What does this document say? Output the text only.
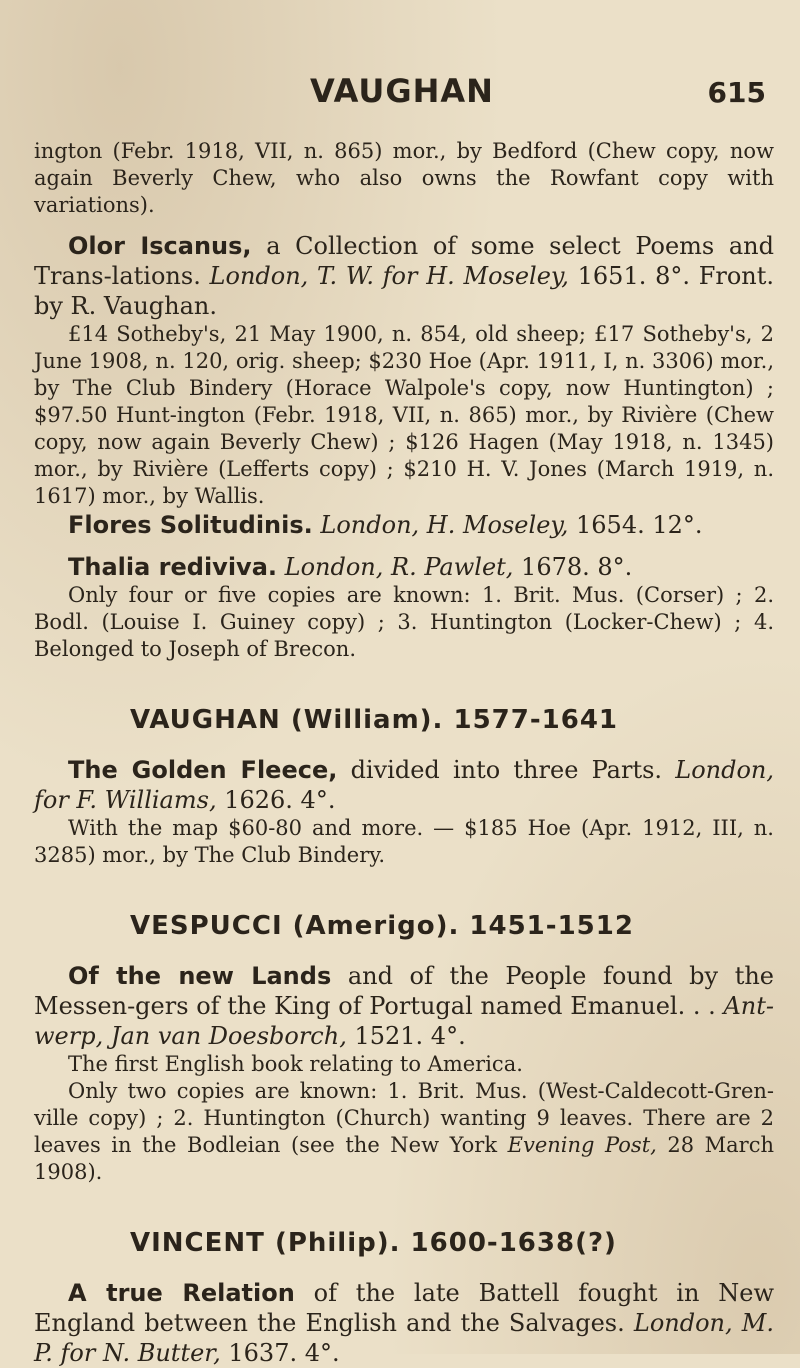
VAUGHAN	615

ington (Febr. 1918, VII, n. 865) mor., by Bedford (Chew copy, now again Beverly Chew, who also owns the Rowfant copy with variations).

Olor Iscanus, a Collection of some select Poems and Trans-lations. London, T. W. for H. Moseley, 1651. 8°. Front. by R. Vaughan.

£14 Sotheby's, 21 May 1900, n. 854, old sheep; £17 Sotheby's, 2 June 1908, n. 120, orig. sheep; $230 Hoe (Apr. 1911, I, n. 3306) mor., by The Club Bindery (Horace Walpole's copy, now Huntington) ; $97.50 Hunt-ington (Febr. 1918, VII, n. 865) mor., by Rivière (Chew copy, now again Beverly Chew) ; $126 Hagen (May 1918, n. 1345) mor., by Rivière (Lefferts copy) ; $210 H. V. Jones (March 1919, n. 1617) mor., by Wallis.

Flores Solitudinis. London, H. Moseley, 1654. 12°.

Thalia rediviva. London, R. Pawlet, 1678. 8°.

Only four or five copies are known: 1. Brit. Mus. (Corser) ; 2. Bodl. (Louise I. Guiney copy) ; 3. Huntington (Locker-Chew) ; 4. Belonged to Joseph of Brecon.

VAUGHAN (William). 1577-1641

The Golden Fleece, divided into three Parts. London, for F. Williams, 1626. 4°.

With the map $60-80 and more. — $185 Hoe (Apr. 1912, III, n. 3285) mor., by The Club Bindery.

VESPUCCI (Amerigo). 1451-1512

Of the new Lands and of the People found by the Messen-gers of the King of Portugal named Emanuel. . . Ant-werp, Jan van Doesborch, 1521. 4°.

The first English book relating to America.

Only two copies are known: 1. Brit. Mus. (West-Caldecott-Gren-ville copy) ; 2. Huntington (Church) wanting 9 leaves. There are 2 leaves in the Bodleian (see the New York Evening Post, 28 March 1908).

VINCENT (Philip). 1600-1638(?)

A true Relation of the late Battell fought in New England between the English and the Salvages. London, M. P. for N. Butter, 1637. 4°.
